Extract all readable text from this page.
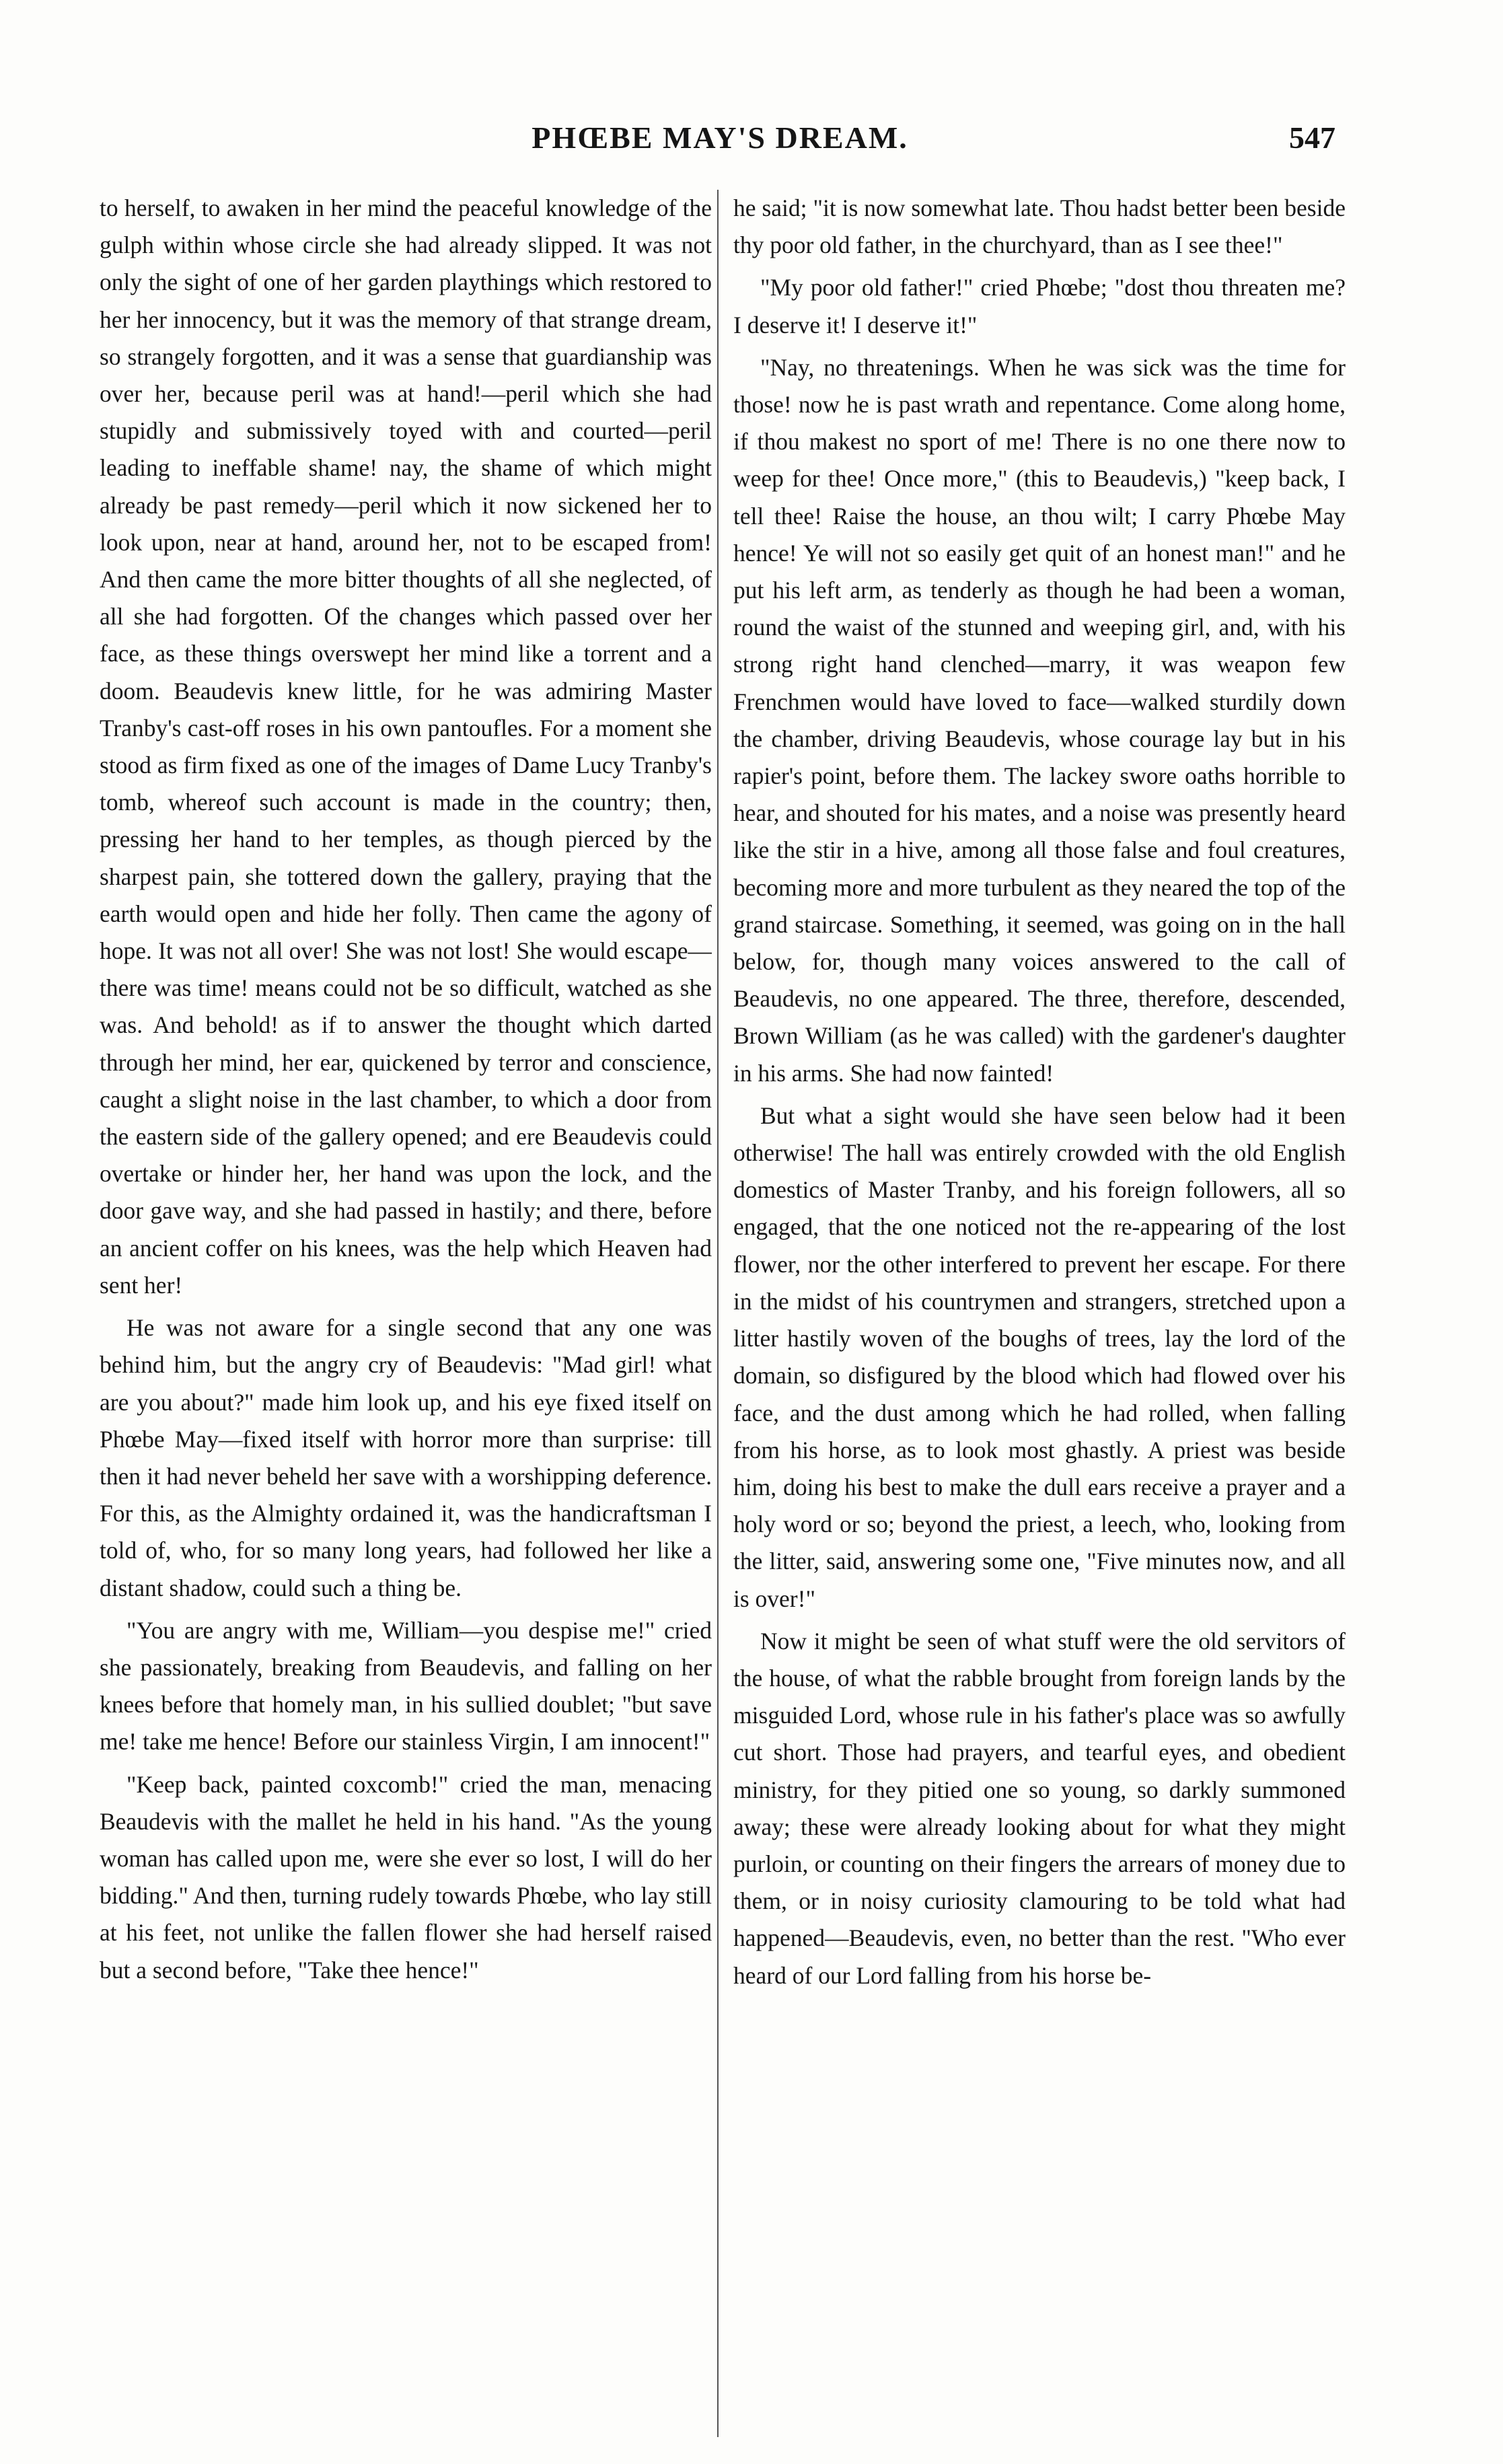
PHŒBE MAY'S DREAM.	547

to herself, to awaken in her mind the peaceful knowledge of the gulph within whose circle she had already slipped. It was not only the sight of one of her garden playthings which restored to her her innocency, but it was the memory of that strange dream, so strangely forgotten, and it was a sense that guardianship was over her, because peril was at hand!—peril which she had stupidly and submissively toyed with and courted—peril leading to ineffable shame! nay, the shame of which might already be past remedy—peril which it now sickened her to look upon, near at hand, around her, not to be escaped from! And then came the more bitter thoughts of all she neglected, of all she had forgotten. Of the changes which passed over her face, as these things overswept her mind like a torrent and a doom. Beaudevis knew little, for he was admiring Master Tranby's cast-off roses in his own pantoufles. For a moment she stood as firm fixed as one of the images of Dame Lucy Tranby's tomb, whereof such account is made in the country; then, pressing her hand to her temples, as though pierced by the sharpest pain, she tottered down the gallery, praying that the earth would open and hide her folly. Then came the agony of hope. It was not all over! She was not lost! She would escape—there was time! means could not be so difficult, watched as she was. And behold! as if to answer the thought which darted through her mind, her ear, quickened by terror and conscience, caught a slight noise in the last chamber, to which a door from the eastern side of the gallery opened; and ere Beaudevis could overtake or hinder her, her hand was upon the lock, and the door gave way, and she had passed in hastily; and there, before an ancient coffer on his knees, was the help which Heaven had sent her!

He was not aware for a single second that any one was behind him, but the angry cry of Beaudevis: "Mad girl! what are you about?" made him look up, and his eye fixed itself on Phœbe May—fixed itself with horror more than surprise: till then it had never beheld her save with a worshipping deference. For this, as the Almighty ordained it, was the handicraftsman I told of, who, for so many long years, had followed her like a distant shadow, could such a thing be.

"You are angry with me, William—you despise me!" cried she passionately, breaking from Beaudevis, and falling on her knees before that homely man, in his sullied doublet; "but save me! take me hence! Before our stainless Virgin, I am innocent!"

"Keep back, painted coxcomb!" cried the man, menacing Beaudevis with the mallet he held in his hand. "As the young woman has called upon me, were she ever so lost, I will do her bidding." And then, turning rudely towards Phœbe, who lay still at his feet, not unlike the fallen flower she had herself raised but a second before, "Take thee hence!"

he said; "it is now somewhat late. Thou hadst better been beside thy poor old father, in the churchyard, than as I see thee!"

"My poor old father!" cried Phœbe; "dost thou threaten me? I deserve it! I deserve it!"

"Nay, no threatenings. When he was sick was the time for those! now he is past wrath and repentance. Come along home, if thou makest no sport of me! There is no one there now to weep for thee! Once more," (this to Beaudevis,) "keep back, I tell thee! Raise the house, an thou wilt; I carry Phœbe May hence! Ye will not so easily get quit of an honest man!" and he put his left arm, as tenderly as though he had been a woman, round the waist of the stunned and weeping girl, and, with his strong right hand clenched—marry, it was weapon few Frenchmen would have loved to face—walked sturdily down the chamber, driving Beaudevis, whose courage lay but in his rapier's point, before them. The lackey swore oaths horrible to hear, and shouted for his mates, and a noise was presently heard like the stir in a hive, among all those false and foul creatures, becoming more and more turbulent as they neared the top of the grand staircase. Something, it seemed, was going on in the hall below, for, though many voices answered to the call of Beaudevis, no one appeared. The three, therefore, descended, Brown William (as he was called) with the gardener's daughter in his arms. She had now fainted!

But what a sight would she have seen below had it been otherwise! The hall was entirely crowded with the old English domestics of Master Tranby, and his foreign followers, all so engaged, that the one noticed not the re-appearing of the lost flower, nor the other interfered to prevent her escape. For there in the midst of his countrymen and strangers, stretched upon a litter hastily woven of the boughs of trees, lay the lord of the domain, so disfigured by the blood which had flowed over his face, and the dust among which he had rolled, when falling from his horse, as to look most ghastly. A priest was beside him, doing his best to make the dull ears receive a prayer and a holy word or so; beyond the priest, a leech, who, looking from the litter, said, answering some one, "Five minutes now, and all is over!"

Now it might be seen of what stuff were the old servitors of the house, of what the rabble brought from foreign lands by the misguided Lord, whose rule in his father's place was so awfully cut short. Those had prayers, and tearful eyes, and obedient ministry, for they pitied one so young, so darkly summoned away; these were already looking about for what they might purloin, or counting on their fingers the arrears of money due to them, or in noisy curiosity clamouring to be told what had happened—Beaudevis, even, no better than the rest. "Who ever heard of our Lord falling from his horse be-
